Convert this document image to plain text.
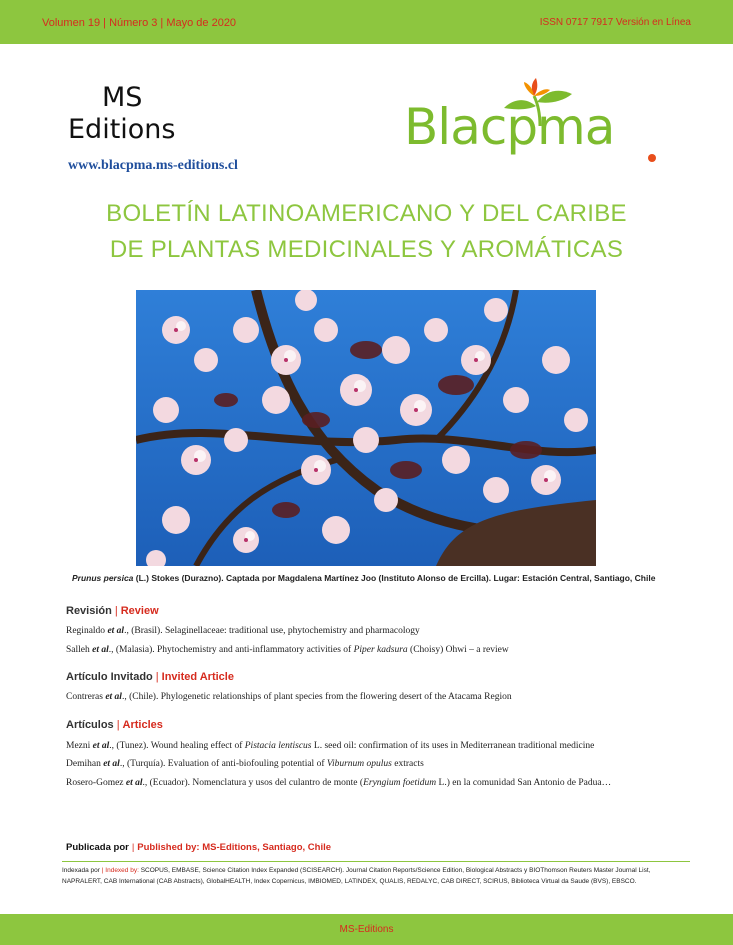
Volumen 19 | Número 3 | Mayo de 2020	ISSN 0717 7917 Versión en Línea
MS
Editions
www.blacpma.ms-editions.cl
Blacpma
BOLETÍN LATINOAMERICANO Y DEL CARIBE
DE PLANTAS MEDICINALES Y AROMÁTICAS
Prunus persica (L.) Stokes (Durazno). Captada por Magdalena Martínez Joo (Instituto Alonso de Ercilla). Lugar: Estación Central, Santiago, Chile
Revisión | Review
Reginaldo et al., (Brasil). Selaginellaceae: traditional use, phytochemistry and pharmacology
Salleh et al., (Malasia). Phytochemistry and anti-inflammatory activities of Piper kadsura (Choisy) Ohwi – a review
Artículo Invitado | Invited Article
Contreras et al., (Chile). Phylogenetic relationships of plant species from the flowering desert of the Atacama Region
Artículos | Articles
Mezni et al., (Tunez). Wound healing effect of Pistacia lentiscus L. seed oil: confirmation of its uses in Mediterranean traditional medicine
Demihan et al., (Turquía). Evaluation of anti-biofouling potential of Viburnum opulus extracts
Rosero-Gomez et al., (Ecuador). Nomenclatura y usos del culantro de monte (Eryngium foetidum L.) en la comunidad San Antonio de Padua…
Publicada por | Published by: MS-Editions, Santiago, Chile
Indexada por | Indexed by: SCOPUS, EMBASE, Science Citation Index Expanded (SCISEARCH). Journal Citation Reports/Science Edition, Biological Abstracts y BIOThomson Reuters Master Journal List, NAPRALERT, CAB International (CAB Abstracts), GlobalHEALTH, Index Copernicus, IMBIOMED, LATINDEX, QUALIS, REDALYC, CAB DIRECT, SCIRUS, Biblioteca Virtual da Saude (BVS), EBSCO.
MS-Editions
